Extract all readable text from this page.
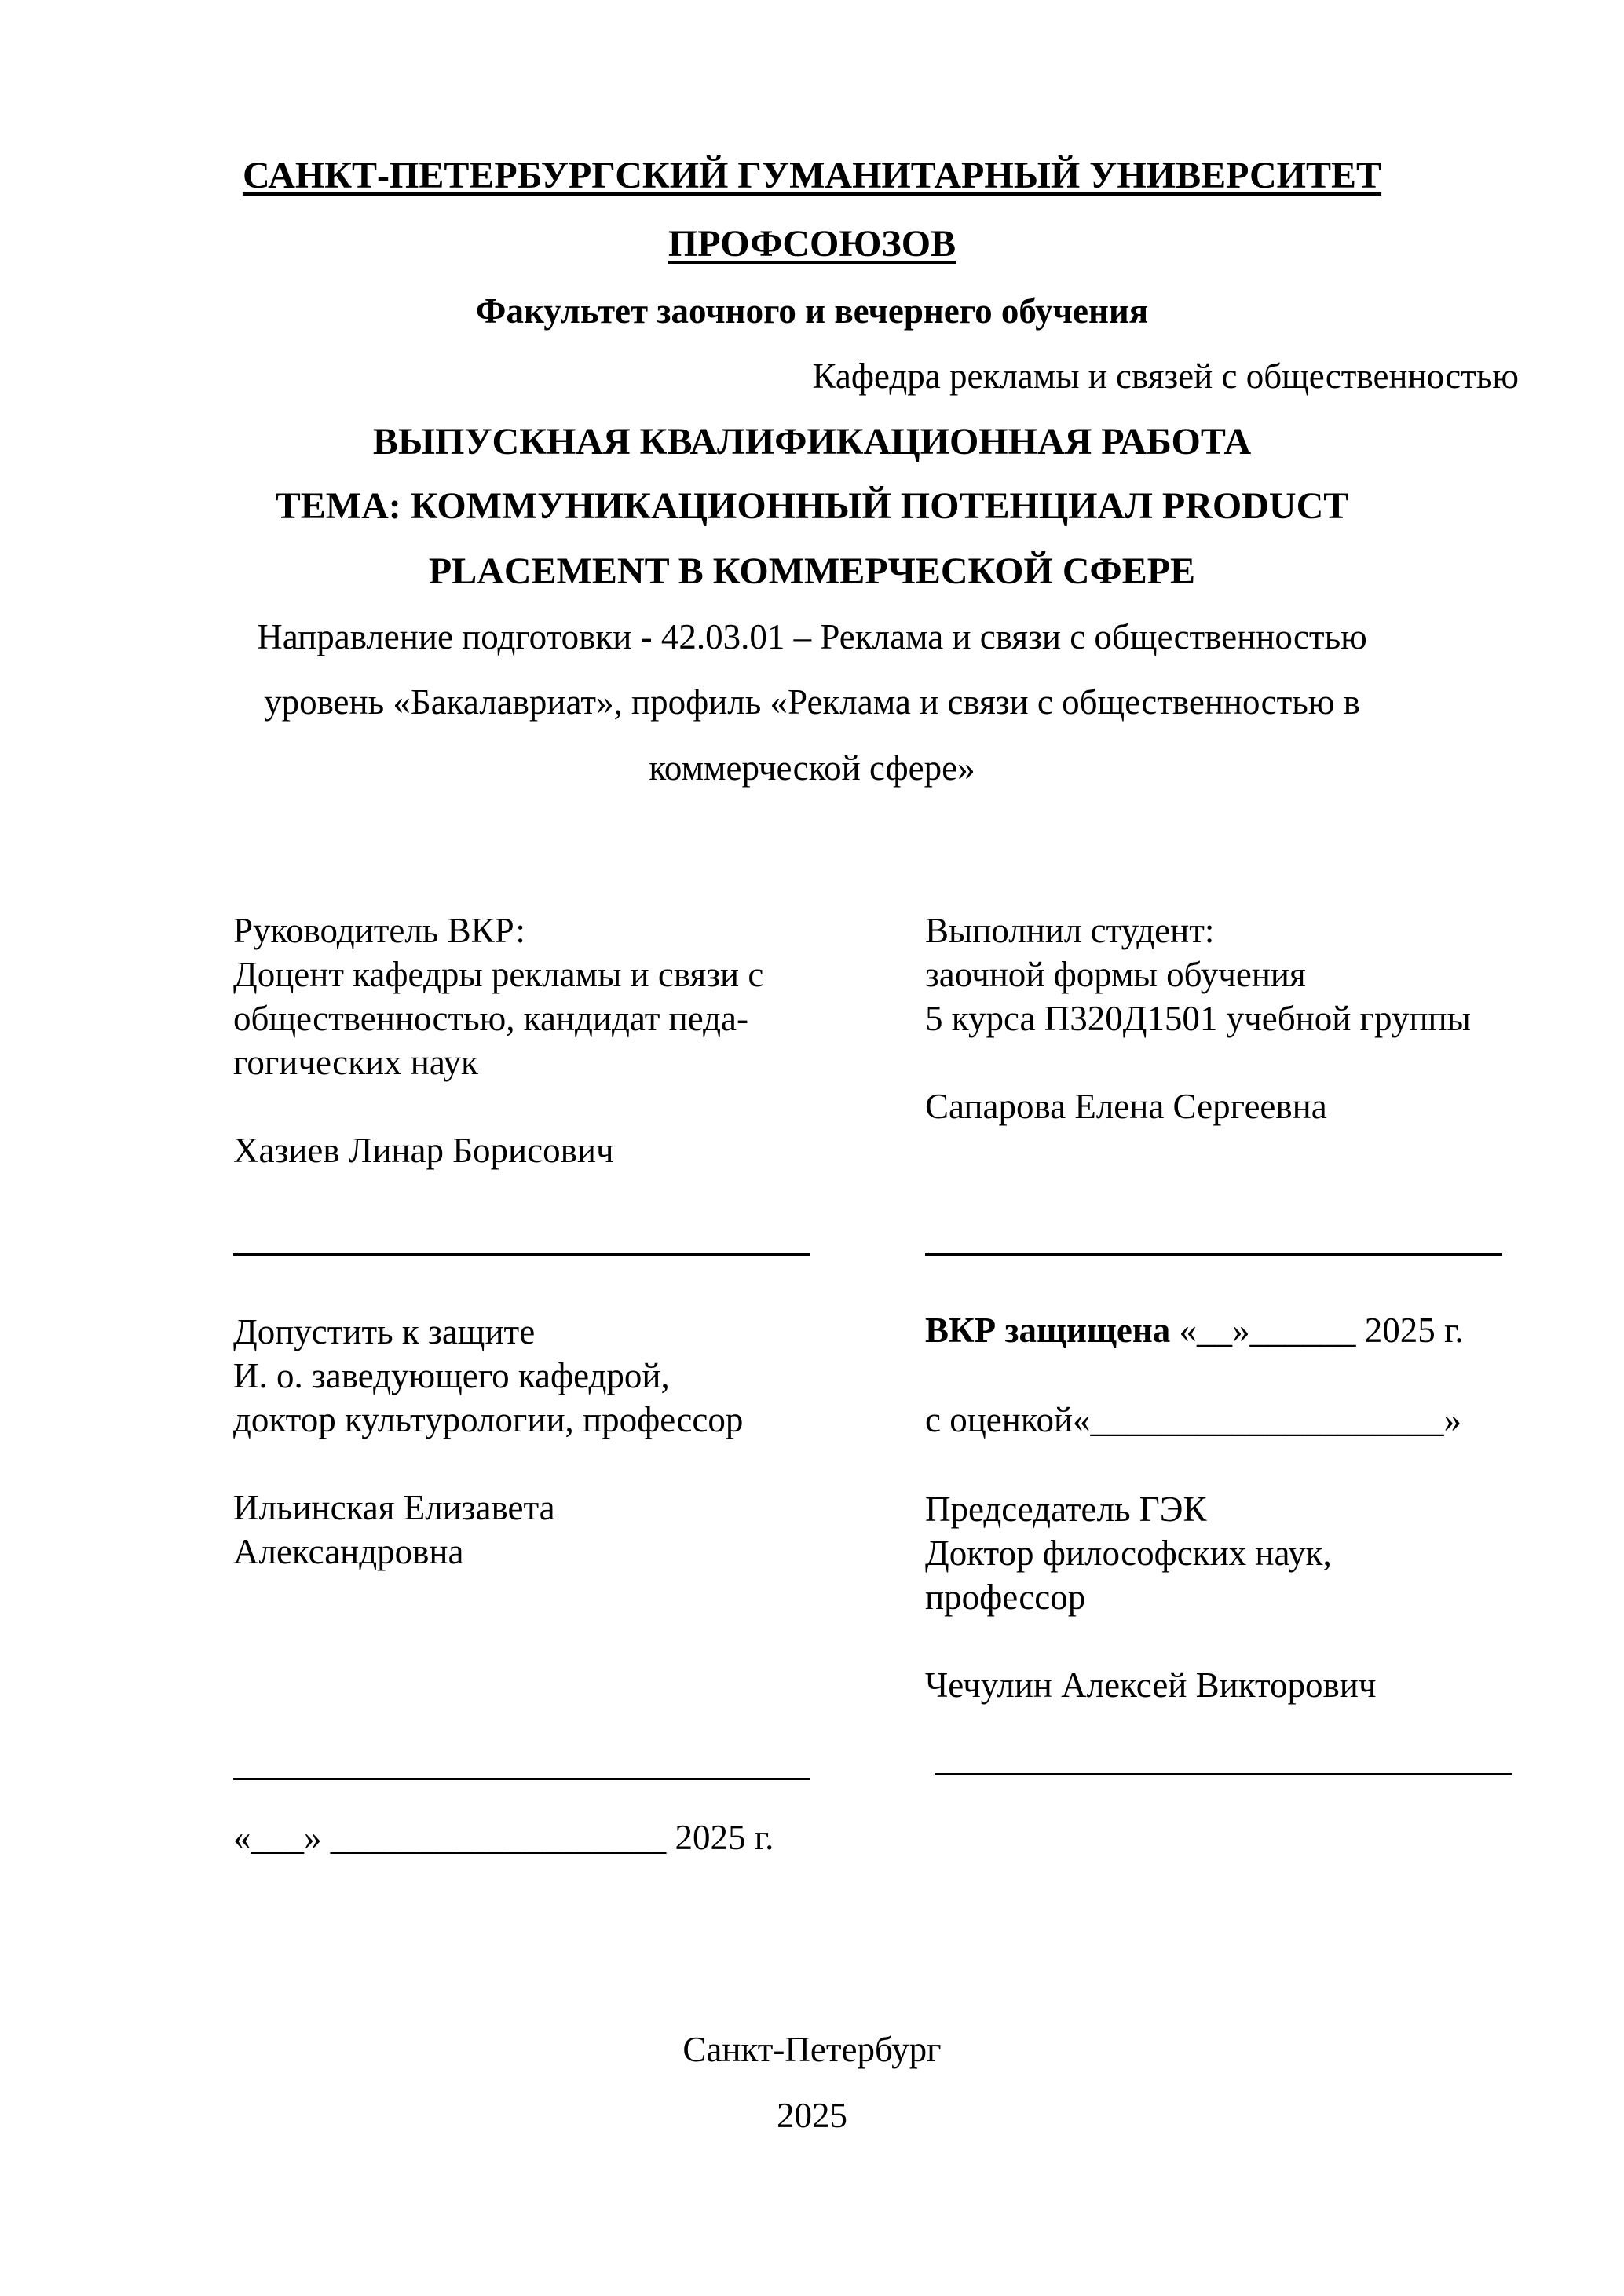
САНКТ-ПЕТЕРБУРГСКИЙ ГУМАНИТАРНЫЙ УНИВЕРСИТЕТ
ПРОФСОЮЗОВ
Факультет заочного и вечернего обучения
Кафедра рекламы и связей с общественностью
ВЫПУСКНАЯ КВАЛИФИКАЦИОННАЯ РАБОТА
ТЕМА: КОММУНИКАЦИОННЫЙ ПОТЕНЦИАЛ PRODUCT
PLACEMENT В КОММЕРЧЕСКОЙ СФЕРЕ
Направление подготовки - 42.03.01 – Реклама и связи с общественностью
уровень «Бакалавриат», профиль «Реклама и связи с общественностью в
коммерческой сфере»
Руководитель ВКР:
Доцент кафедры рекламы и связи с
общественностью, кандидат педа-
гогических наук
Хазиев Линар Борисович
Выполнил студент:
заочной формы обучения
5 курса П320Д1501 учебной группы
Сапарова Елена Сергеевна
Допустить к защите
И. о. заведующего кафедрой,
доктор культурологии, профессор
Ильинская Елизавета
Александровна
«___» ___________________ 2025 г.
ВКР защищена «__»______ 2025 г.
с оценкой«____________________»
Председатель ГЭК
Доктор философских наук,
профессор
Чечулин Алексей Викторович
Санкт-Петербург
2025
